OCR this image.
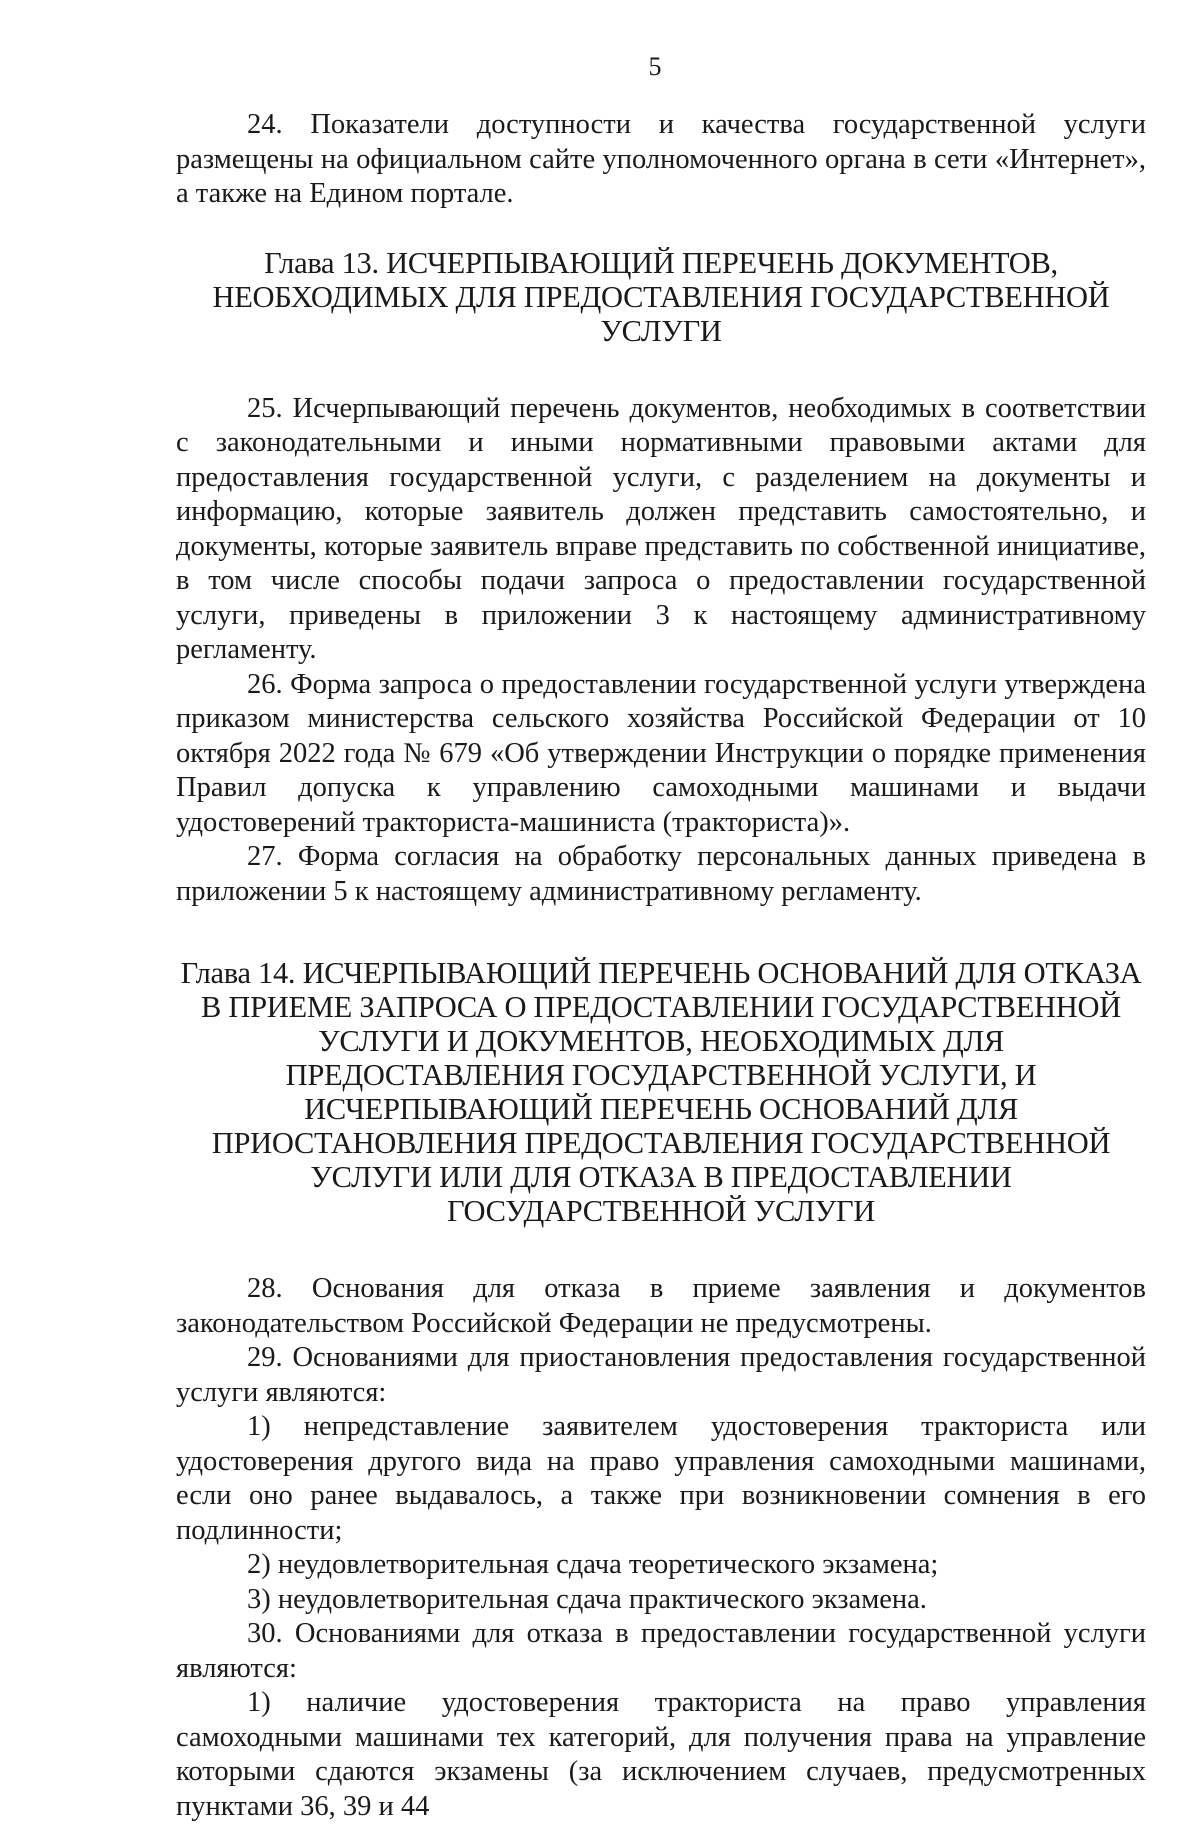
5

24. Показатели доступности и качества государственной услуги размещены на официальном сайте уполномоченного органа в сети «Интернет», а также на Едином портале.

Глава 13. ИСЧЕРПЫВАЮЩИЙ ПЕРЕЧЕНЬ ДОКУМЕНТОВ, НЕОБХОДИМЫХ ДЛЯ ПРЕДОСТАВЛЕНИЯ ГОСУДАРСТВЕННОЙ УСЛУГИ

25. Исчерпывающий перечень документов, необходимых в соответствии с законодательными и иными нормативными правовыми актами для предоставления государственной услуги, с разделением на документы и информацию, которые заявитель должен представить самостоятельно, и документы, которые заявитель вправе представить по собственной инициативе, в том числе способы подачи запроса о предоставлении государственной услуги, приведены в приложении 3 к настоящему административному регламенту.

26. Форма запроса о предоставлении государственной услуги утверждена приказом министерства сельского хозяйства Российской Федерации от 10 октября 2022 года № 679 «Об утверждении Инструкции о порядке применения Правил допуска к управлению самоходными машинами и выдачи удостоверений тракториста-машиниста (тракториста)».

27. Форма согласия на обработку персональных данных приведена в приложении 5 к настоящему административному регламенту.

Глава 14. ИСЧЕРПЫВАЮЩИЙ ПЕРЕЧЕНЬ ОСНОВАНИЙ ДЛЯ ОТКАЗА В ПРИЕМЕ ЗАПРОСА О ПРЕДОСТАВЛЕНИИ ГОСУДАРСТВЕННОЙ УСЛУГИ И ДОКУМЕНТОВ, НЕОБХОДИМЫХ ДЛЯ ПРЕДОСТАВЛЕНИЯ ГОСУДАРСТВЕННОЙ УСЛУГИ, И ИСЧЕРПЫВАЮЩИЙ ПЕРЕЧЕНЬ ОСНОВАНИЙ ДЛЯ ПРИОСТАНОВЛЕНИЯ ПРЕДОСТАВЛЕНИЯ ГОСУДАРСТВЕННОЙ УСЛУГИ ИЛИ ДЛЯ ОТКАЗА В ПРЕДОСТАВЛЕНИИ ГОСУДАРСТВЕННОЙ УСЛУГИ

28. Основания для отказа в приеме заявления и документов законодательством Российской Федерации не предусмотрены.

29. Основаниями для приостановления предоставления государственной услуги являются:

1) непредставление заявителем удостоверения тракториста или удостоверения другого вида на право управления самоходными машинами, если оно ранее выдавалось, а также при возникновении сомнения в его подлинности;

2) неудовлетворительная сдача теоретического экзамена;

3) неудовлетворительная сдача практического экзамена.

30. Основаниями для отказа в предоставлении государственной услуги являются:

1) наличие удостоверения тракториста на право управления самоходными машинами тех категорий, для получения права на управление которыми сдаются экзамены (за исключением случаев, предусмотренных пунктами 36, 39 и 44
